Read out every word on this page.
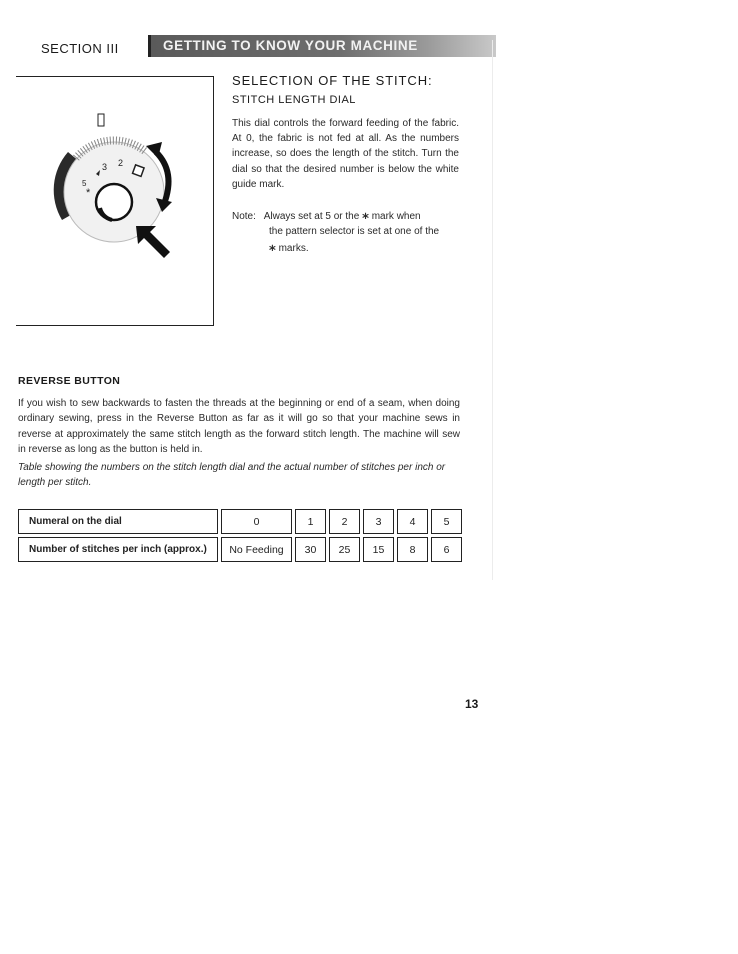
SECTION III	GETTING TO KNOW YOUR MACHINE
3 2
5
*
SELECTION OF THE STITCH:
STITCH LENGTH DIAL

This dial controls the forward feeding of the fabric. At 0, the fabric is not fed at all. As the numbers increase, so does the length of the stitch. Turn the dial so that the desired number is below the white guide mark.

Note: Always set at 5 or the ⁎ mark when
the pattern selector is set at one of the
⁎ marks.
REVERSE BUTTON

If you wish to sew backwards to fasten the threads at the beginning or end of a seam, when doing ordinary sewing, press in the Reverse Button as far as it will go so that your machine sews in reverse at approximately the same stitch length as the forward stitch length. The machine will sew in reverse as long as the button is held in.

Table showing the numbers on the stitch length dial and the actual number of stitches per inch or length per stitch.

Numeral on the dial	0	1	2	3	4	5
Number of stitches per inch (approx.)	No Feeding	30	25	15	8	6
13
